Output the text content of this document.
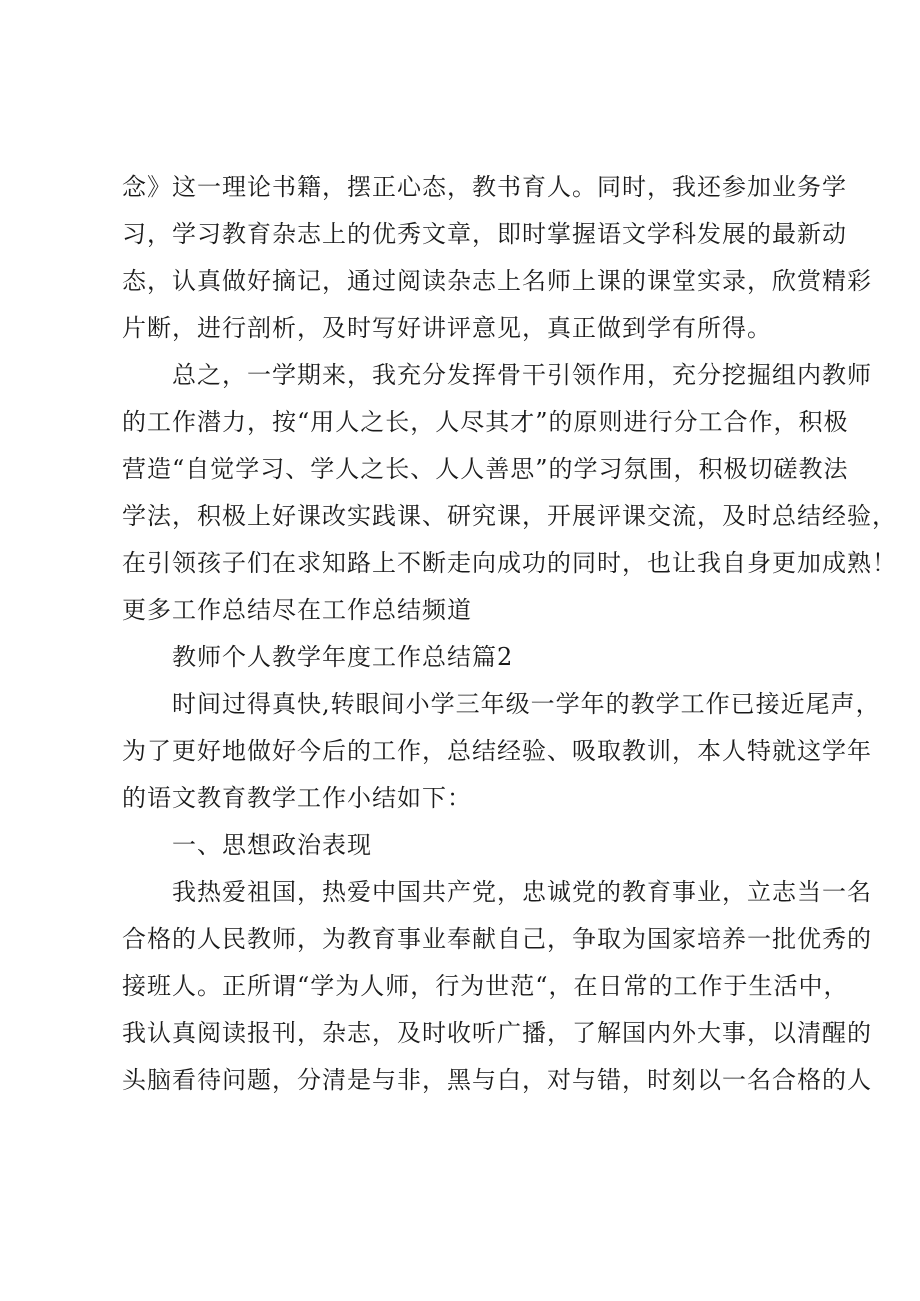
念》这一理论书籍，摆正心态，教书育人。同时，我还参加业务学
习，学习教育杂志上的优秀文章，即时掌握语文学科发展的最新动
态，认真做好摘记，通过阅读杂志上名师上课的课堂实录，欣赏精彩
片断，进行剖析，及时写好讲评意见，真正做到学有所得。
总之，一学期来，我充分发挥骨干引领作用，充分挖掘组内教师
的工作潜力，按“用人之长，人尽其才”的原则进行分工合作，积极
营造“自觉学习、学人之长、人人善思”的学习氛围，积极切磋教法
学法，积极上好课改实践课、研究课，开展评课交流，及时总结经验，
在引领孩子们在求知路上不断走向成功的同时，也让我自身更加成熟！
更多工作总结尽在工作总结频道
教师个人教学年度工作总结篇2
时间过得真快,转眼间小学三年级一学年的教学工作已接近尾声，
为了更好地做好今后的工作，总结经验、吸取教训，本人特就这学年
的语文教育教学工作小结如下：
一、思想政治表现
我热爱祖国，热爱中国共产党，忠诚党的教育事业，立志当一名
合格的人民教师，为教育事业奉献自己，争取为国家培养一批优秀的
接班人。正所谓“学为人师，行为世范“，在日常的工作于生活中，
我认真阅读报刊，杂志，及时收听广播，了解国内外大事，以清醒的
头脑看待问题，分清是与非，黑与白，对与错，时刻以一名合格的人
